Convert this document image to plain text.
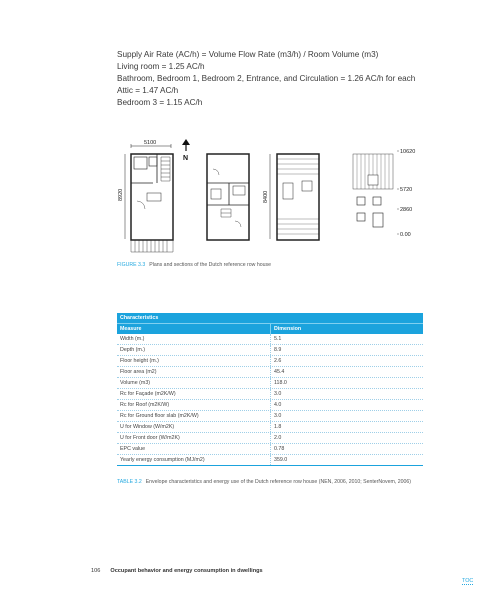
Supply Air Rate (AC/h) = Volume Flow Rate (m3/h) / Room Volume (m3)
Living room = 1.25 AC/h
Bathroom, Bedroom 1, Bedroom 2, Entrance, and Circulation = 1.26 AC/h for each
Attic = 1.47 AC/h
Bedroom 3 = 1.15 AC/h
5100
8920
N
8400
10620
5720
2860
0.00
FIGURE 3.3 Plans and sections of the Dutch reference row house
Characteristics
Measure	Dimension
Width (m.)	5.1
Depth (m.)	8.9
Floor height (m.)	2.6
Floor area (m2)	45.4
Volume (m3)	118.0
Rc for Façade (m2K/W)	3.0
Rc for Roof (m2K/W)	4.0
Rc for Ground floor slab (m2K/W)	3.0
U for Window (W/m2K)	1.8
U for Front door (W/m2K)	2.0
EPC value	0.78
Yearly energy consumption (MJ/m2)	359.0
TABLE 3.2 Envelope characteristics and energy use of the Dutch reference row house (NEN, 2006, 2010; SenterNovem, 2006)
106 Occupant behavior and energy consumption in dwellings
TOC
